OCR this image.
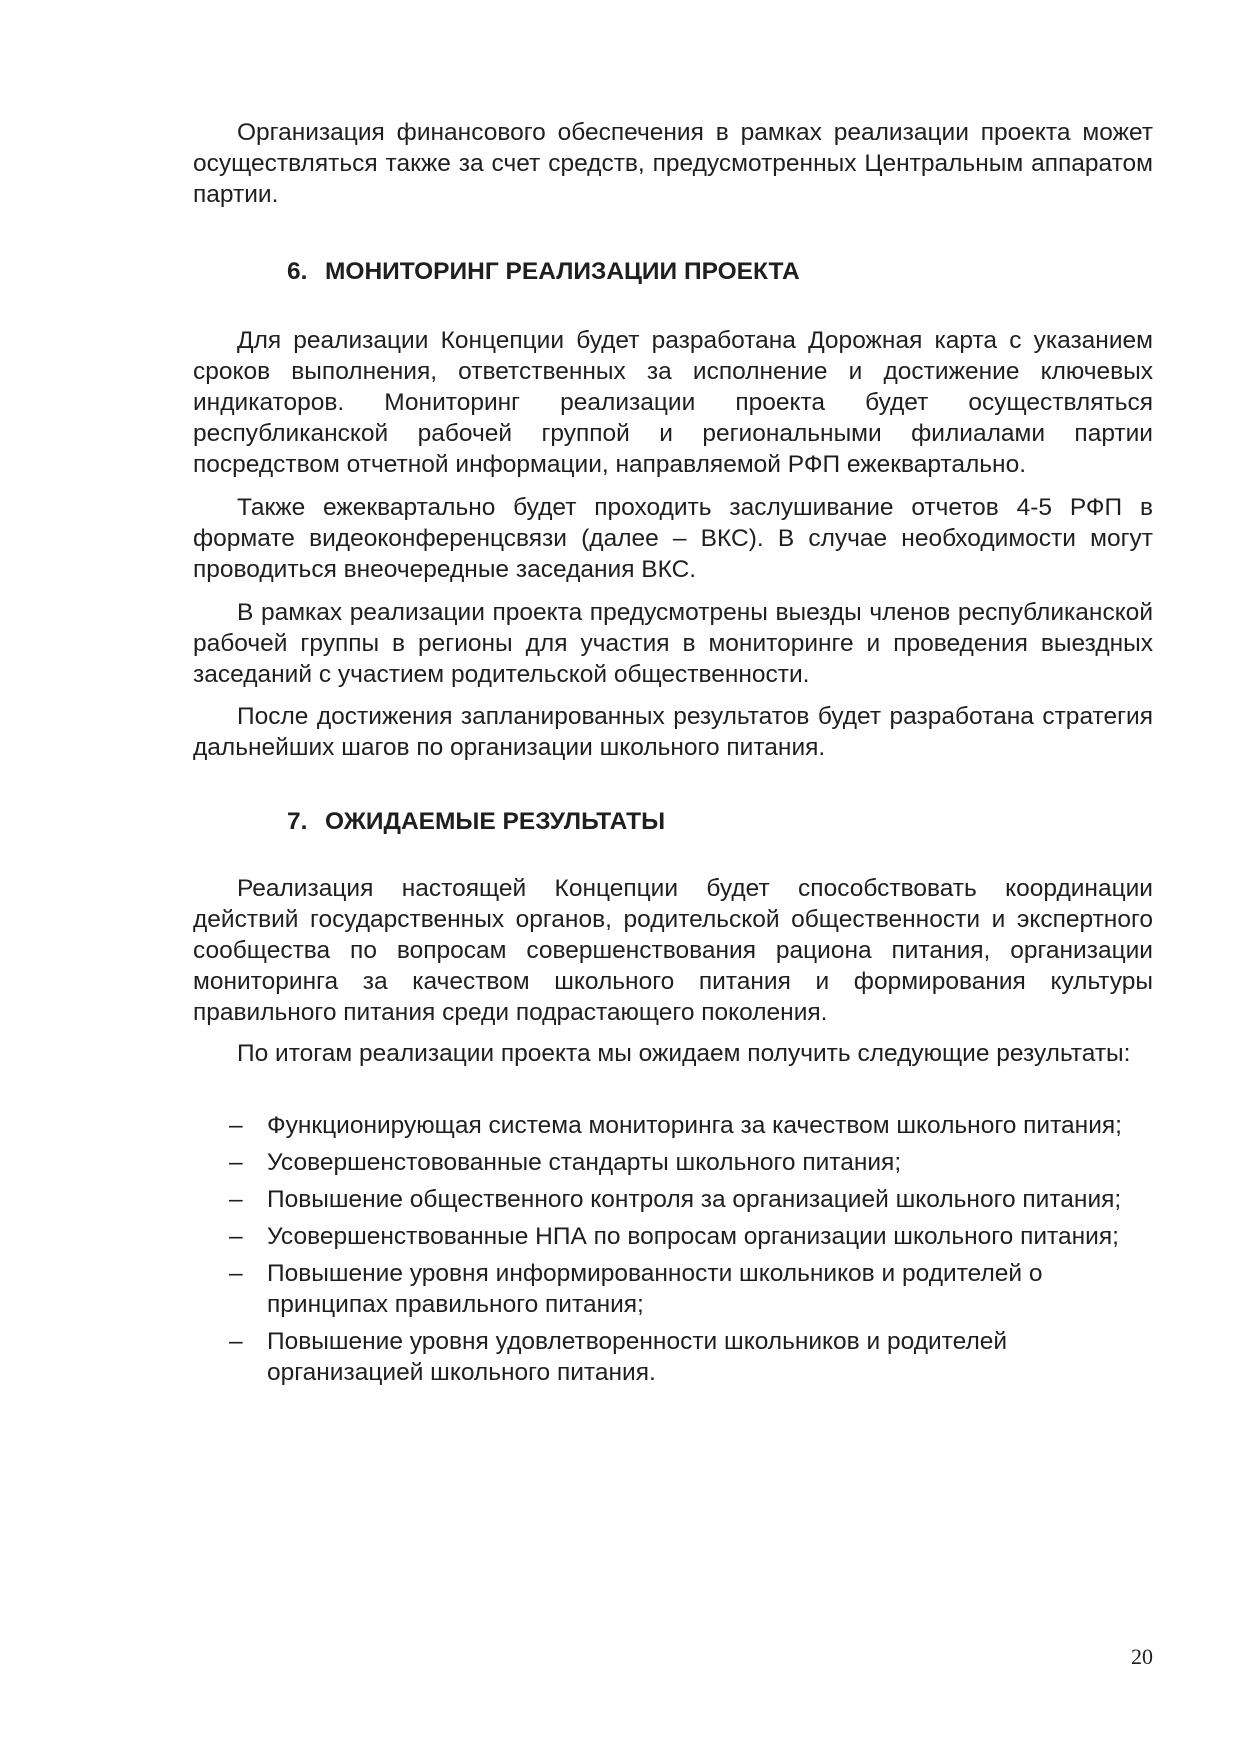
Организация финансового обеспечения в рамках реализации проекта может осуществляться также за счет средств, предусмотренных Центральным аппаратом партии.

6. МОНИТОРИНГ РЕАЛИЗАЦИИ ПРОЕКТА

Для реализации Концепции будет разработана Дорожная карта с указанием сроков выполнения, ответственных за исполнение и достижение ключевых индикаторов. Мониторинг реализации проекта будет осуществляться республиканской рабочей группой и региональными филиалами партии посредством отчетной информации, направляемой РФП ежеквартально.

Также ежеквартально будет проходить заслушивание отчетов 4-5 РФП в формате видеоконференцсвязи (далее – ВКС). В случае необходимости могут проводиться внеочередные заседания ВКС.

В рамках реализации проекта предусмотрены выезды членов республиканской рабочей группы в регионы для участия в мониторинге и проведения выездных заседаний с участием родительской общественности.

После достижения запланированных результатов будет разработана стратегия дальнейших шагов по организации школьного питания.

7. ОЖИДАЕМЫЕ РЕЗУЛЬТАТЫ

Реализация настоящей Концепции будет способствовать координации действий государственных органов, родительской общественности и экспертного сообщества по вопросам совершенствования рациона питания, организации мониторинга за качеством школьного питания и формирования культуры правильного питания среди подрастающего поколения.

По итогам реализации проекта мы ожидаем получить следующие результаты:

– Функционирующая система мониторинга за качеством школьного питания;
– Усовершенстовованные стандарты школьного питания;
– Повышение общественного контроля за организацией школьного питания;
– Усовершенствованные НПА по вопросам организации школьного питания;
– Повышение уровня информированности школьников и родителей о принципах правильного питания;
– Повышение уровня удовлетворенности школьников и родителей организацией школьного питания.
20
